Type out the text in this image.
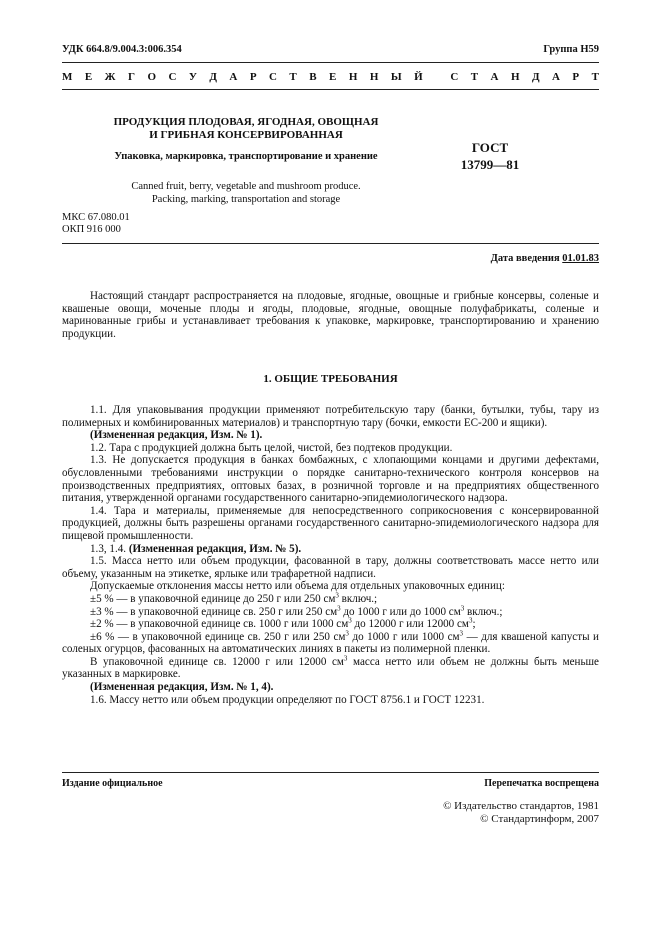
УДК 664.8/9.004.3:006.354	Группа Н59
М Е Ж Г О С У Д А Р С Т В Е Н Н Ы Й
	С Т А Н Д А Р Т
ПРОДУКЦИЯ ПЛОДОВАЯ, ЯГОДНАЯ, ОВОЩНАЯ
И ГРИБНАЯ КОНСЕРВИРОВАННАЯ
Упаковка, маркировка, транспортирование и хранение
ГОСТ
13799—81
Canned fruit, berry, vegetable and mushroom produce.
Packing, marking, transportation and storage
МКС 67.080.01
ОКП 916 000
Дата введения 01.01.83

Настоящий стандарт распространяется на плодовые, ягодные, овощные и грибные консервы, соленые и квашеные овощи, моченые плоды и ягоды, плодовые, ягодные, овощные полуфабрикаты, соленые и маринованные грибы и устанавливает требования к упаковке, маркировке, транспортированию и хранению продукции.

1. ОБЩИЕ ТРЕБОВАНИЯ

1.1. Для упаковывания продукции применяют потребительскую тару (банки, бутылки, тубы, тару из полимерных и комбинированных материалов) и транспортную тару (бочки, емкости ЕС-200 и ящики).

(Измененная редакция, Изм. № 1).

1.2. Тара с продукцией должна быть целой, чистой, без подтеков продукции.

1.3. Не допускается продукция в банках бомбажных, с хлопающими концами и другими дефектами, обусловленными требованиями инструкции о порядке санитарно-технического контроля консервов на производственных предприятиях, оптовых базах, в розничной торговле и на предприятиях общественного питания, утвержденной органами государственного санитарно-эпидемиологического надзора.

1.4. Тара и материалы, применяемые для непосредственного соприкосновения с консервированной продукцией, должны быть разрешены органами государственного санитарно-эпидемиологического надзора для пищевой промышленности.

1.3, 1.4. (Измененная редакция, Изм. № 5).

1.5. Масса нетто или объем продукции, фасованной в тару, должны соответствовать массе нетто или объему, указанным на этикетке, ярлыке или трафаретной надписи.

Допускаемые отклонения массы нетто или объема для отдельных упаковочных единиц:

±5 % — в упаковочной единице до 250 г или 250 $см^3$ включ.;

±3 % — в упаковочной единице св. 250 г или 250 $см^3$ до 1000 г или до 1000 $см^3$ включ.;

±2 % — в упаковочной единице св. 1000 г или 1000 $см^3$ до 12000 г или 12000 $см^3$;

±6 % — в упаковочной единице св. 250 г или 250 $см^3$ до 1000 г или 1000 $см^3$ — для квашеной капусты и соленых огурцов, фасованных на автоматических линиях в пакеты из полимерной пленки.

В упаковочной единице св. 12000 г или 12000 $см^3$ масса нетто или объем не должны быть меньше указанных в маркировке.

(Измененная редакция, Изм. № 1, 4).

1.6. Массу нетто или объем продукции определяют по ГОСТ 8756.1 и ГОСТ 12231.

Издание официальное	Перепечатка воспрещена
© Издательство стандартов, 1981
© Стандартинформ, 2007
